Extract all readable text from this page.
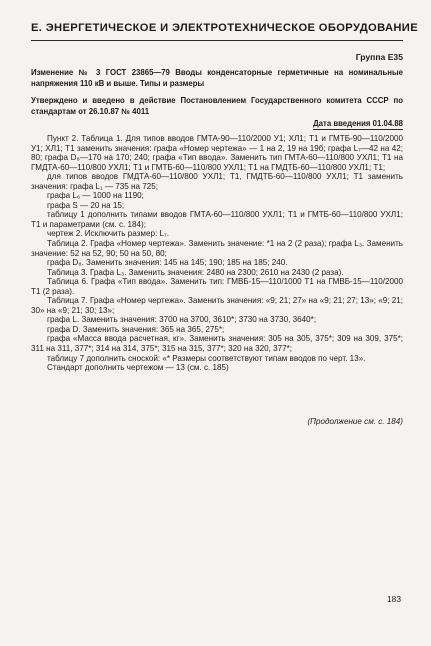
Е. ЭНЕРГЕТИЧЕСКОЕ И ЭЛЕКТРОТЕХНИЧЕСКОЕ ОБОРУДОВАНИЕ
Группа Е35
Изменение № 3 ГОСТ 23865—79 Вводы конденсаторные герметичные на номинальные напряжения 110 кВ и выше. Типы и размеры
Утверждено и введено в действие Постановлением Государственного комитета СССР по стандартам от 26.10.87 № 4011
Дата введения 01.04.88

Пункт 2. Таблица 1. Для типов вводов ГМТА-90—110/2000 У1; ХЛ1; Т1 и ГМТБ-90—110/2000 У1; ХЛ1; Т1 заменить значения: графа «Номер чертежа» — 1 на 2, 19 на 19б; графа L₇—42 на 42; 80; графа D₈—170 на 170; 240; графа «Тип ввода». Заменить тип ГМТА-60—110/800 УХЛ1; Т1 на ГМДТА-60—110/800 УХЛ1; Т1 и ГМТБ-60—110/800 УХЛ1; Т1 на ГМДТБ-60—110/800 УХЛ1; Т1;

для типов вводов ГМДТА-60—110/800 УХЛ1; Т1, ГМДТБ-60—110/800 УХЛ1; Т1 заменить значения: графа L₁ — 735 на 725;

графа L₆ — 1000 на 1190;

графа S — 20 на 15;

таблицу 1 дополнить типами вводов ГМТА-60—110/800 УХЛ1; Т1 и ГМТБ-60—110/800 УХЛ1; Т1 и параметрами (см. с. 184);

чертеж 2. Исключить размер: L₇.

Таблица 2. Графа «Номер чертежа». Заменить значение: *1 на 2 (2 раза); графа L₃. Заменить значение: 52 на 52, 90; 50 на 50, 80;

графа D₈. Заменить значения: 145 на 145; 190; 185 на 185; 240.

Таблица 3. Графа L₃. Заменить значения: 2480 на 2300; 2610 на 2430 (2 раза).

Таблица 6. Графа «Тип ввода». Заменить тип: ГМВБ-15—110/1000 Т1 на ГМВБ-15—110/2000 Т1 (2 раза).

Таблица 7. Графа «Номер чертежа». Заменить значения: «9; 21; 27» на «9; 21; 27; 13»; «9; 21; 30» на «9; 21; 30; 13»;

графа L. Заменить значения: 3700 на 3700, 3610*; 3730 на 3730, 3640*;

графа D. Заменить значения: 365 на 365, 275*;

графа «Масса ввода расчетная, кг». Заменить значения: 305 на 305, 375*; 309 на 309, 375*; 311 на 311, 377*; 314 на 314, 375*; 315 на 315, 377*; 320 на 320, 377*;

таблицу 7 дополнить сноской: «* Размеры соответствуют типам вводов по черт. 13».

Стандарт дополнить чертежом — 13 (см. с. 185)

(Продолжение см. с. 184)
183
